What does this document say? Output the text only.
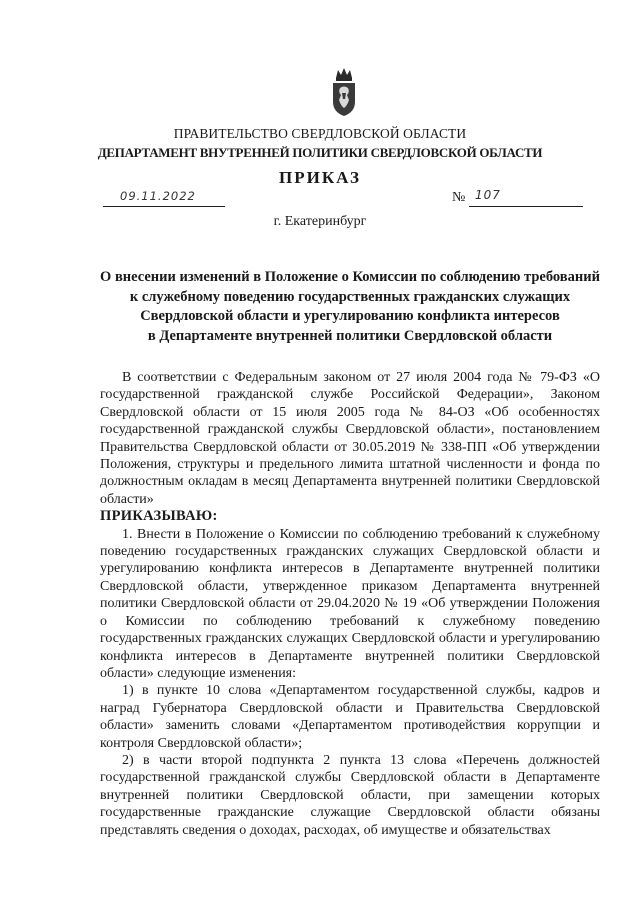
ПРАВИТЕЛЬСТВО СВЕРДЛОВСКОЙ ОБЛАСТИ
ДЕПАРТАМЕНТ ВНУТРЕННЕЙ ПОЛИТИКИ СВЕРДЛОВСКОЙ ОБЛАСТИ
ПРИКАЗ
09.11.2022	№ 107
г. Екатеринбург
О внесении изменений в Положение о Комиссии по соблюдению требований
к служебному поведению государственных гражданских служащих
Свердловской области и урегулированию конфликта интересов
в Департаменте внутренней политики Свердловской области

В соответствии с Федеральным законом от 27 июля 2004 года № 79-ФЗ «О государственной гражданской службе Российской Федерации», Законом Свердловской области от 15 июля 2005 года № 84-ОЗ «Об особенностях государственной гражданской службы Свердловской области», постановлением Правительства Свердловской области от 30.05.2019 № 338-ПП «Об утверждении Положения, структуры и предельного лимита штатной численности и фонда по должностным окладам в месяц Департамента внутренней политики Свердловской области»

ПРИКАЗЫВАЮ:

1. Внести в Положение о Комиссии по соблюдению требований к служебному поведению государственных гражданских служащих Свердловской области и урегулированию конфликта интересов в Департаменте внутренней политики Свердловской области, утвержденное приказом Департамента внутренней политики Свердловской области от 29.04.2020 № 19 «Об утверждении Положения о Комиссии по соблюдению требований к служебному поведению государственных гражданских служащих Свердловской области и урегулированию конфликта интересов в Департаменте внутренней политики Свердловской области» следующие изменения:

1) в пункте 10 слова «Департаментом государственной службы, кадров и наград Губернатора Свердловской области и Правительства Свердловской области» заменить словами «Департаментом противодействия коррупции и контроля Свердловской области»;

2) в части второй подпункта 2 пункта 13 слова «Перечень должностей государственной гражданской службы Свердловской области в Департаменте внутренней политики Свердловской области, при замещении которых государственные гражданские служащие Свердловской области обязаны представлять сведения о доходах, расходах, об имуществе и обязательствах
